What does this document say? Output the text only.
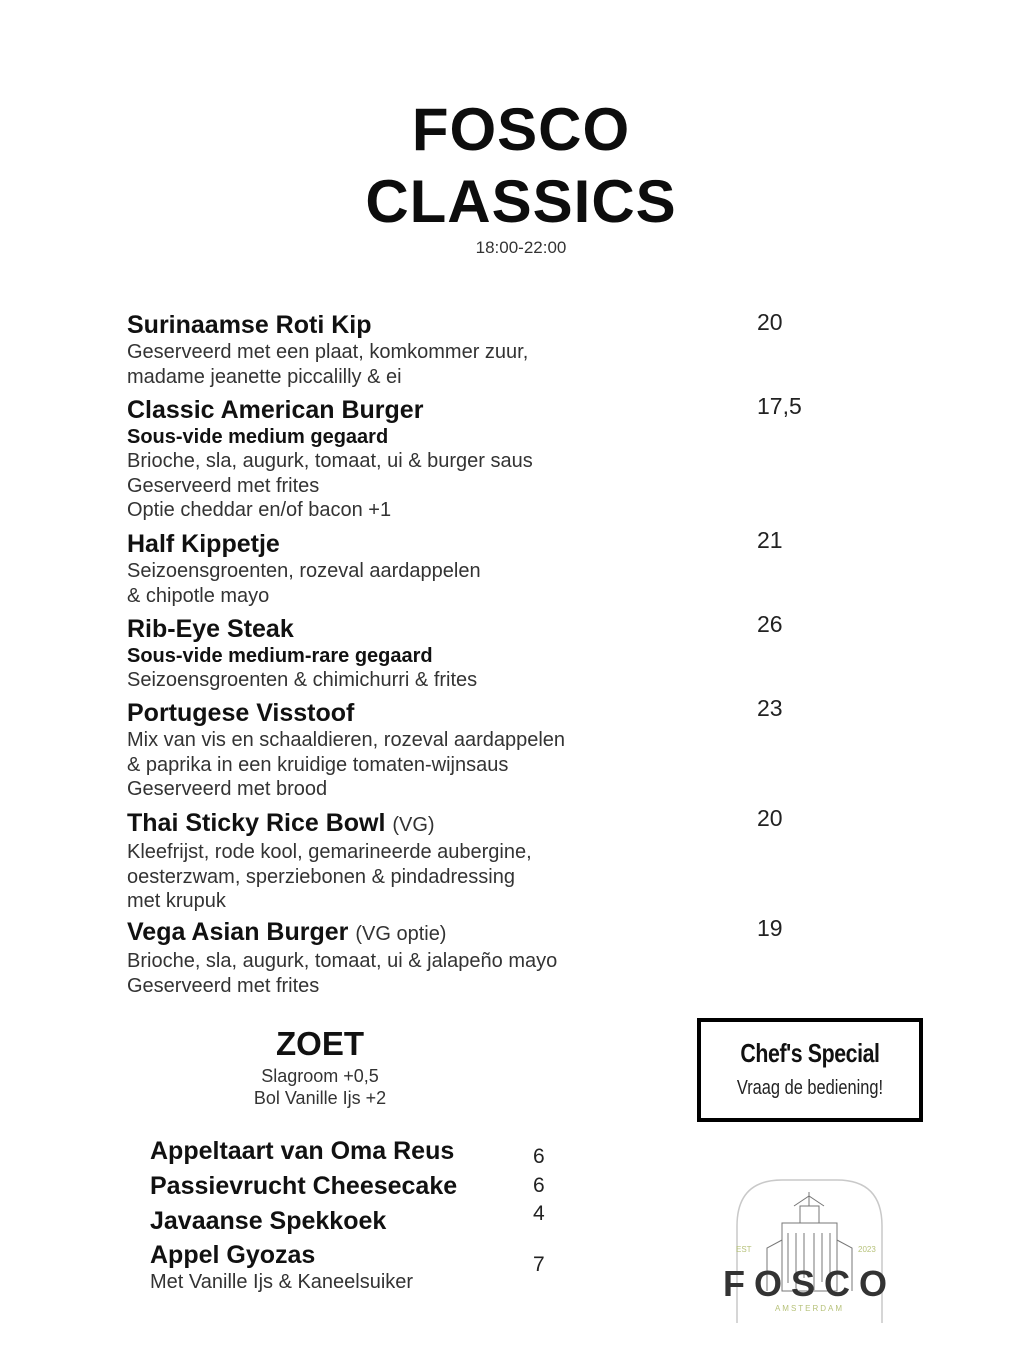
FOSCO
CLASSICS
18:00-22:00

Surinaamse Roti Kip

Geserveerd met een plaat, komkommer zuur,

madame jeanette piccalilly & ei

20

Classic American Burger

Sous-vide medium gegaard

Brioche, sla, augurk, tomaat, ui & burger saus

Geserveerd met frites

Optie cheddar en/of bacon +1

17,5

Half Kippetje

Seizoensgroenten, rozeval aardappelen

& chipotle mayo

21

Rib-Eye Steak

Sous-vide medium-rare gegaard

Seizoensgroenten & chimichurri & frites

26

Portugese Visstoof

Mix van vis en schaaldieren, rozeval aardappelen

& paprika in een kruidige tomaten-wijnsaus

Geserveerd met brood

23

Thai Sticky Rice Bowl (VG)

Kleefrijst, rode kool, gemarineerde aubergine,

oesterzwam, sperziebonen & pindadressing

met krupuk

20

Vega Asian Burger (VG optie)

Brioche, sla, augurk, tomaat, ui & jalapeño mayo

Geserveerd met frites

19
ZOET
Slagroom +0,5
Bol Vanille Ijs +2

Appeltaart van Oma Reus	6

Passievrucht Cheesecake	6

Javaanse Spekkoek	4

Appel Gyozas

Met Vanille Ijs & Kaneelsuiker

7
Chef's Special
Vraag de bediening!
EST	2023
FOSCO
AMSTERDAM
